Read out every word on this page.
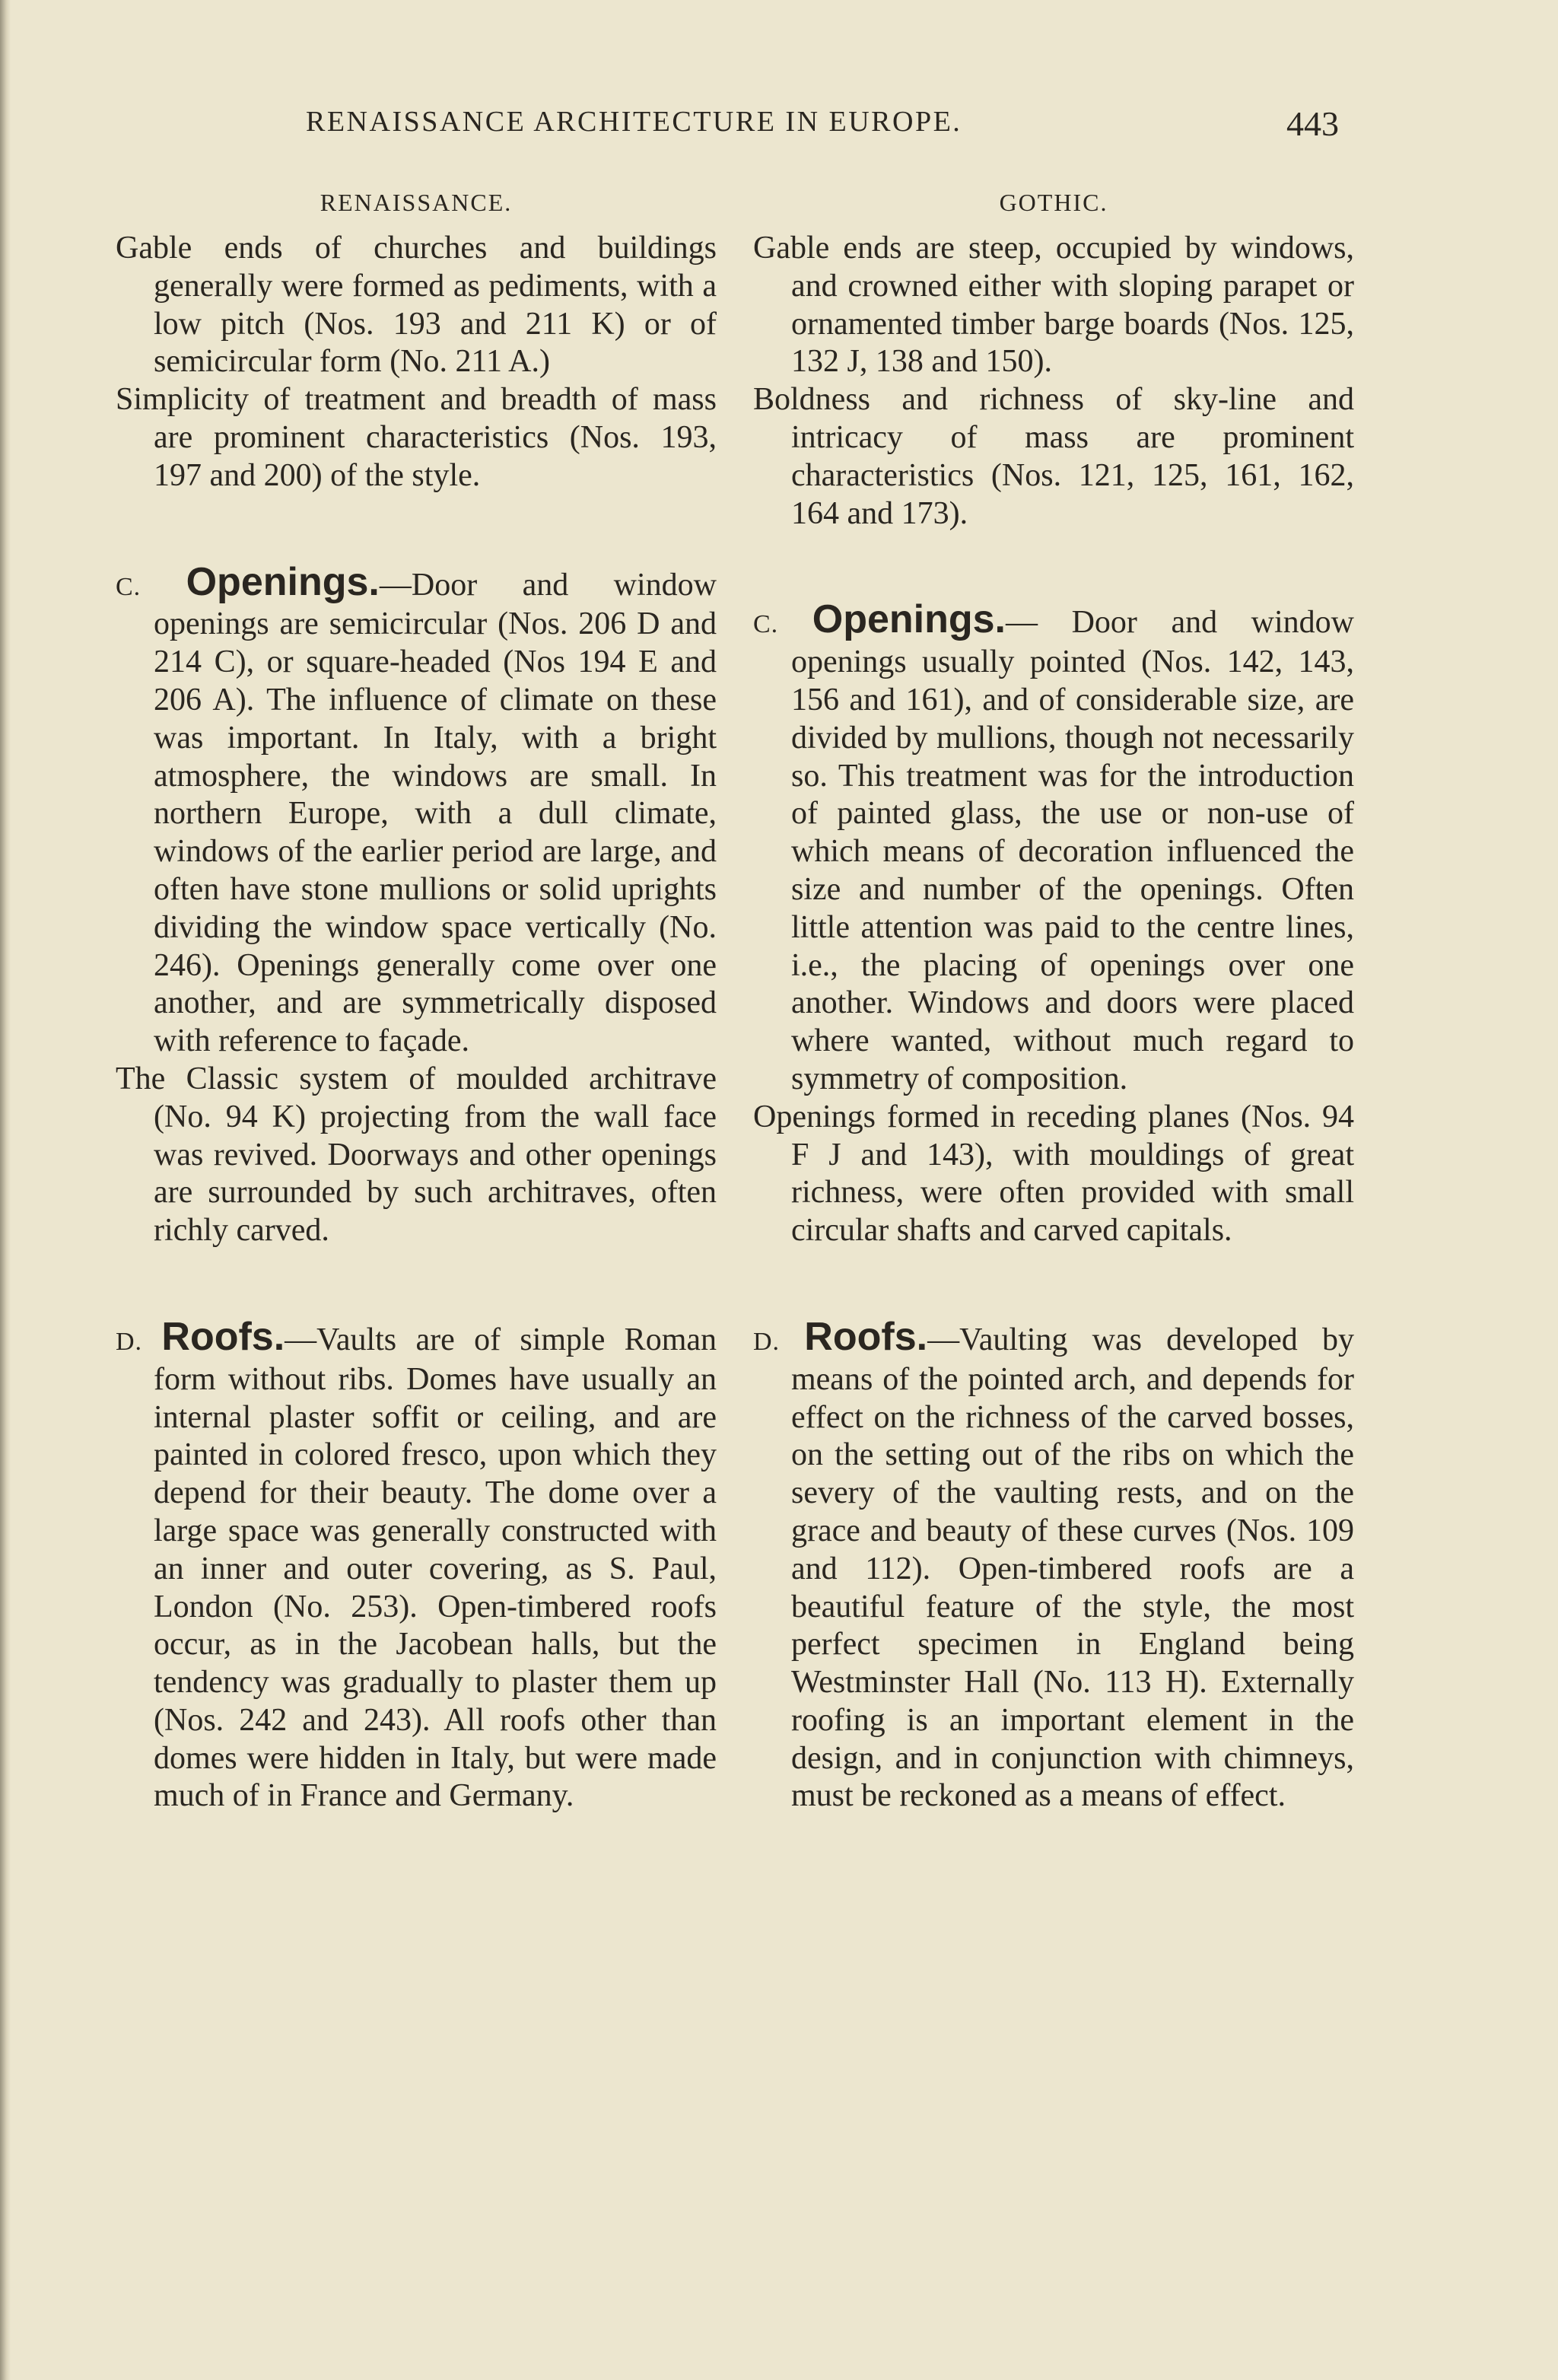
RENAISSANCE ARCHITECTURE IN EUROPE.	443
RENAISSANCE.

Gable ends of churches and buildings generally were formed as pediments, with a low pitch (Nos. 193 and 211 K) or of semicircular form (No. 211 A.)

Simplicity of treatment and breadth of mass are prominent characteristics (Nos. 193, 197 and 200) of the style.

C. Openings.—Door and window openings are semicircular (Nos. 206 D and 214 C), or square-headed (Nos 194 E and 206 A). The influence of climate on these was important. In Italy, with a bright atmosphere, the windows are small. In northern Europe, with a dull climate, windows of the earlier period are large, and often have stone mullions or solid uprights dividing the window space vertically (No. 246). Openings generally come over one another, and are symmetrically disposed with reference to façade.

The Classic system of moulded architrave (No. 94 K) projecting from the wall face was revived. Doorways and other openings are surrounded by such architraves, often richly carved.

D. Roofs.—Vaults are of simple Roman form without ribs. Domes have usually an internal plaster soffit or ceiling, and are painted in colored fresco, upon which they depend for their beauty. The dome over a large space was generally constructed with an inner and outer covering, as S. Paul, London (No. 253). Open-timbered roofs occur, as in the Jacobean halls, but the tendency was gradually to plaster them up (Nos. 242 and 243). All roofs other than domes were hidden in Italy, but were made much of in France and Germany.

GOTHIC.

Gable ends are steep, occupied by windows, and crowned either with sloping parapet or ornamented timber barge boards (Nos. 125, 132 J, 138 and 150).

Boldness and richness of sky-line and intricacy of mass are prominent characteristics (Nos. 121, 125, 161, 162, 164 and 173).

C. Openings.— Door and window openings usually pointed (Nos. 142, 143, 156 and 161), and of considerable size, are divided by mullions, though not necessarily so. This treatment was for the introduction of painted glass, the use or non-use of which means of decoration influenced the size and number of the openings. Often little attention was paid to the centre lines, i.e., the placing of openings over one another. Windows and doors were placed where wanted, without much regard to symmetry of composition.

Openings formed in receding planes (Nos. 94 F J and 143), with mouldings of great richness, were often provided with small circular shafts and carved capitals.

D. Roofs.—Vaulting was developed by means of the pointed arch, and depends for effect on the richness of the carved bosses, on the setting out of the ribs on which the severy of the vaulting rests, and on the grace and beauty of these curves (Nos. 109 and 112). Open-timbered roofs are a beautiful feature of the style, the most perfect specimen in England being Westminster Hall (No. 113 H). Externally roofing is an important element in the design, and in conjunction with chimneys, must be reckoned as a means of effect.
